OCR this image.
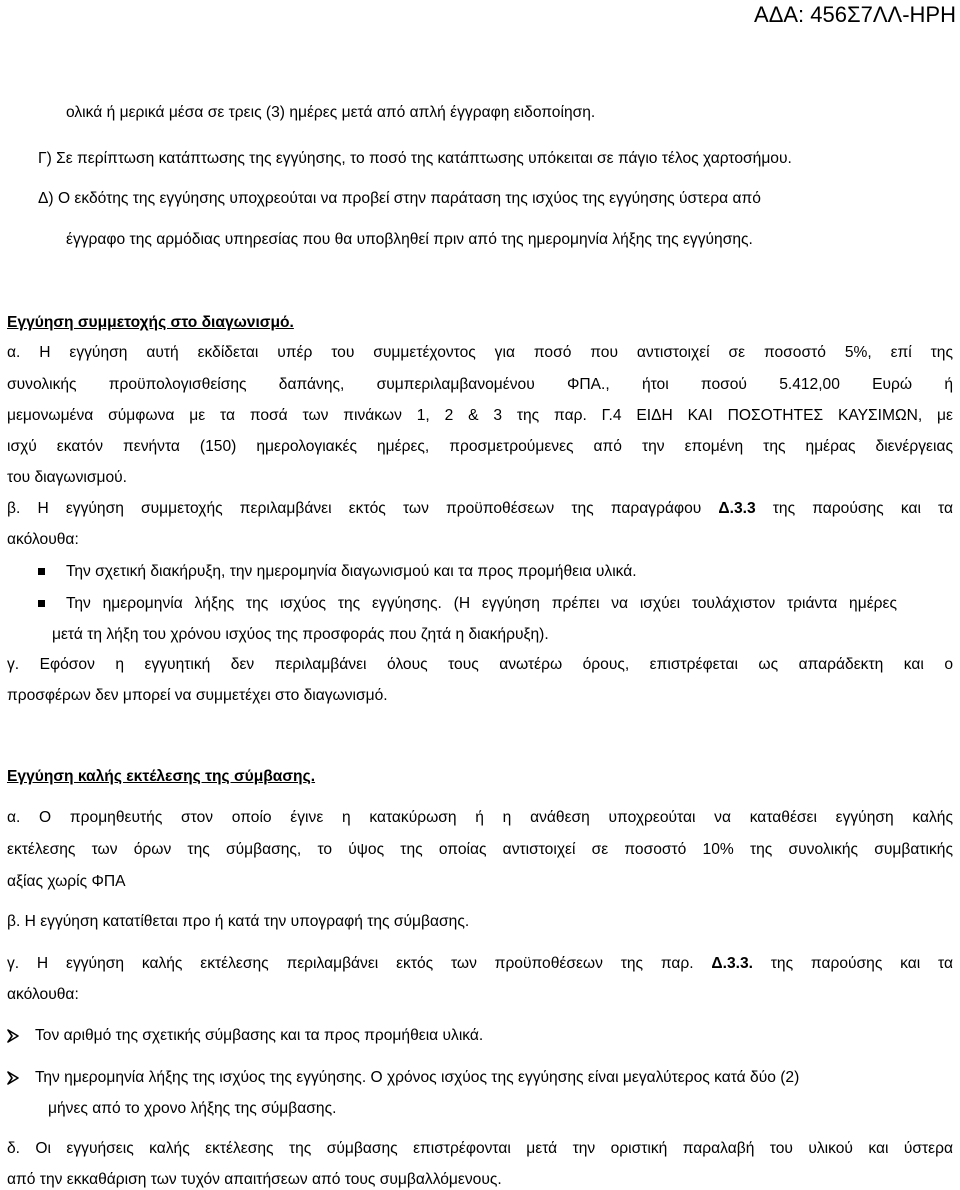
ΑΔΑ: 456Σ7ΛΛ-ΗΡΗ
ολικά ή μερικά μέσα σε τρεις (3) ημέρες μετά από απλή έγγραφη ειδοποίηση.
Γ) Σε περίπτωση κατάπτωσης της εγγύησης, το ποσό της κατάπτωσης υπόκειται σε πάγιο τέλος χαρτοσήμου.
Δ) Ο εκδότης της εγγύησης υποχρεούται να προβεί στην παράταση της ισχύος της εγγύησης ύστερα από
έγγραφο της αρμόδιας υπηρεσίας που θα υποβληθεί πριν από της ημερομηνία λήξης της εγγύησης.
Εγγύηση συμμετοχής στο διαγωνισμό.
α. Η εγγύηση αυτή εκδίδεται υπέρ του συμμετέχοντος για ποσό που αντιστοιχεί σε ποσοστό 5%, επί της
συνολικής προϋπολογισθείσης δαπάνης, συμπεριλαμβανομένου ΦΠΑ., ήτοι ποσού 5.412,00 Ευρώ ή
μεμονωμένα σύμφωνα με τα ποσά των πινάκων 1, 2 & 3 της παρ. Γ.4 ΕΙΔΗ ΚΑΙ ΠΟΣΟΤΗΤΕΣ ΚΑΥΣΙΜΩΝ, με
ισχύ εκατόν πενήντα (150) ημερολογιακές ημέρες, προσμετρούμενες από την επομένη της ημέρας διενέργειας
του διαγωνισμού.
β. Η εγγύηση συμμετοχής περιλαμβάνει εκτός των προϋποθέσεων της παραγράφου Δ.3.3 της παρούσης και τα
ακόλουθα:
Την σχετική διακήρυξη, την ημερομηνία διαγωνισμού και τα προς προμήθεια υλικά.
Την ημερομηνία λήξης της ισχύος της εγγύησης. (Η εγγύηση πρέπει να ισχύει τουλάχιστον τριάντα ημέρες
μετά τη λήξη του χρόνου ισχύος της προσφοράς που ζητά η διακήρυξη).
γ. Εφόσον η εγγυητική δεν περιλαμβάνει όλους τους ανωτέρω όρους, επιστρέφεται ως απαράδεκτη και ο
προσφέρων δεν μπορεί να συμμετέχει στο διαγωνισμό.
Εγγύηση καλής εκτέλεσης της σύμβασης.
α. Ο προμηθευτής στον οποίο έγινε η κατακύρωση ή η ανάθεση υποχρεούται να καταθέσει εγγύηση καλής
εκτέλεσης των όρων της σύμβασης, το ύψος της οποίας αντιστοιχεί σε ποσοστό 10% της συνολικής συμβατικής
αξίας χωρίς ΦΠΑ
β. Η εγγύηση κατατίθεται προ ή κατά την υπογραφή της σύμβασης.
γ. Η εγγύηση καλής εκτέλεσης περιλαμβάνει εκτός των προϋποθέσεων της παρ. Δ.3.3. της παρούσης και τα
ακόλουθα:
Τον αριθμό της σχετικής σύμβασης και τα προς προμήθεια υλικά.
Την ημερομηνία λήξης της ισχύος της εγγύησης. Ο χρόνος ισχύος της εγγύησης είναι μεγαλύτερος κατά δύο (2)
μήνες από το χρονο λήξης της σύμβασης.
δ. Οι εγγυήσεις καλής εκτέλεσης της σύμβασης επιστρέφονται μετά την οριστική παραλαβή του υλικού και ύστερα
από την εκκαθάριση των τυχόν απαιτήσεων από τους συμβαλλόμενους.
